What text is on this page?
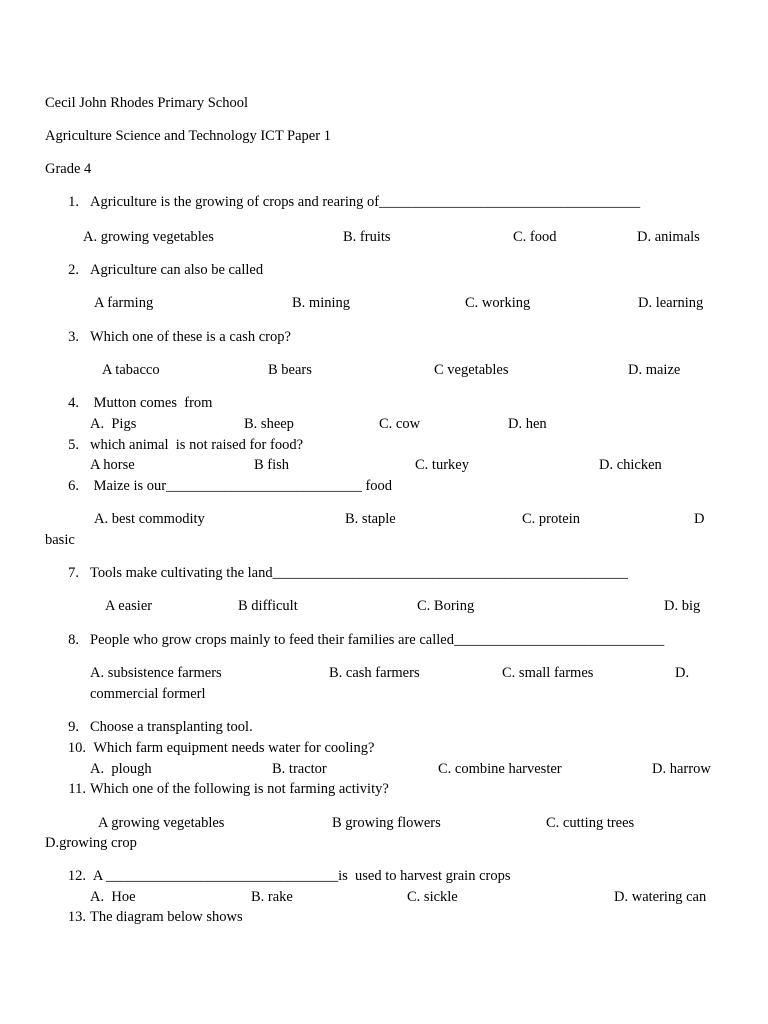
Cecil John Rhodes Primary School
Agriculture Science and Technology ICT Paper 1
Grade 4
1. Agriculture is the growing of crops and rearing of____________________________________
A. growing vegetables	B. fruits	C. food	D. animals
2. Agriculture can also be called
A farming	B. mining	C. working	D. learning
3. Which one of these is a cash crop?
A tabacco	B bears	C vegetables	D. maize
4. Mutton comes  from
A.  Pigs	B. sheep	C. cow	D. hen
5. which animal  is not raised for food?
A horse	B fish	C. turkey	D. chicken
6. Maize is our___________________________ food
A. best commodity	B. staple	C. protein	D
basic
7. Tools make cultivating the land_________________________________________________
A easier	B difficult	C. Boring	D. big
8. People who grow crops mainly to feed their families are called_____________________________
A. subsistence farmers	B. cash farmers	C. small farmes	D.
commercial formerl
9. Choose a transplanting tool.
10. Which farm equipment needs water for cooling?
A.  plough	B. tractor	C. combine harvester	D. harrow
11. Which one of the following is not farming activity?
A growing vegetables	B growing flowers	C. cutting trees
D.growing crop
12. A ________________________________is  used to harvest grain crops
A.  Hoe	B. rake	C. sickle	D. watering can
13. The diagram below shows
